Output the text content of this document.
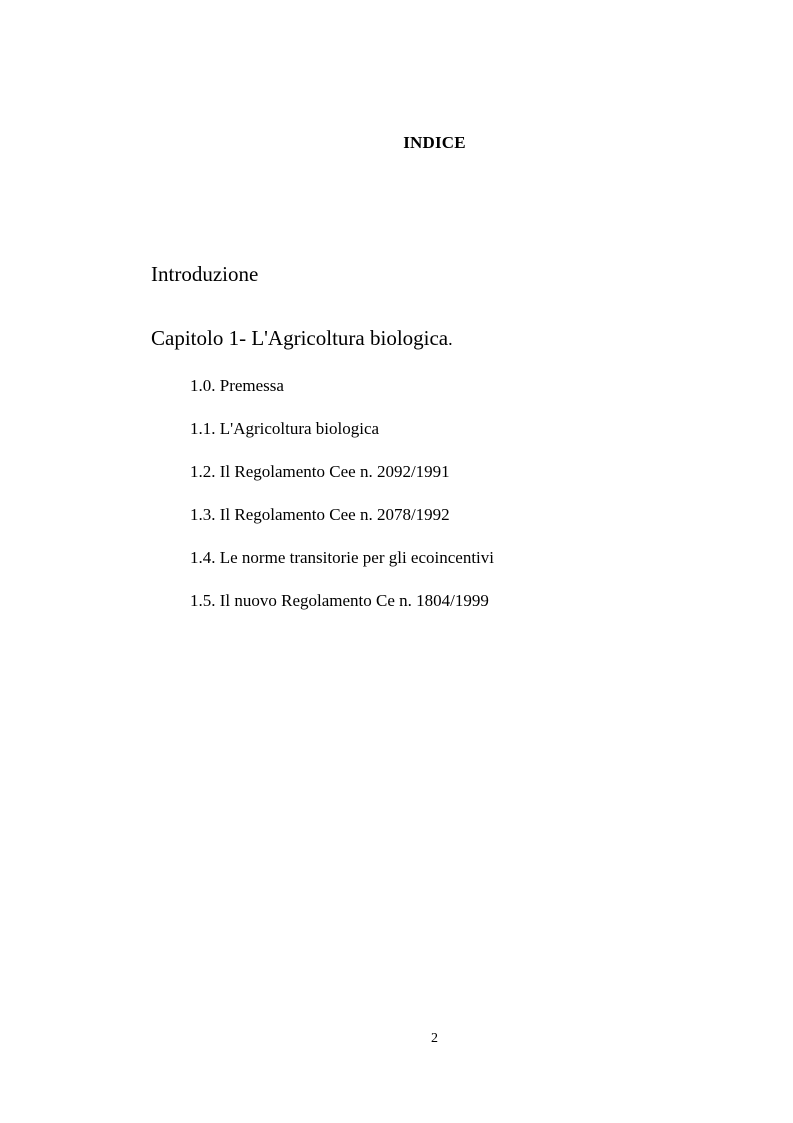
INDICE
Introduzione
Capitolo 1- L'Agricoltura biologica.
1.0. Premessa
1.1. L'Agricoltura biologica
1.2. Il Regolamento Cee n. 2092/1991
1.3. Il Regolamento Cee n. 2078/1992
1.4. Le norme transitorie per gli ecoincentivi
1.5. Il nuovo Regolamento Ce n. 1804/1999
2
